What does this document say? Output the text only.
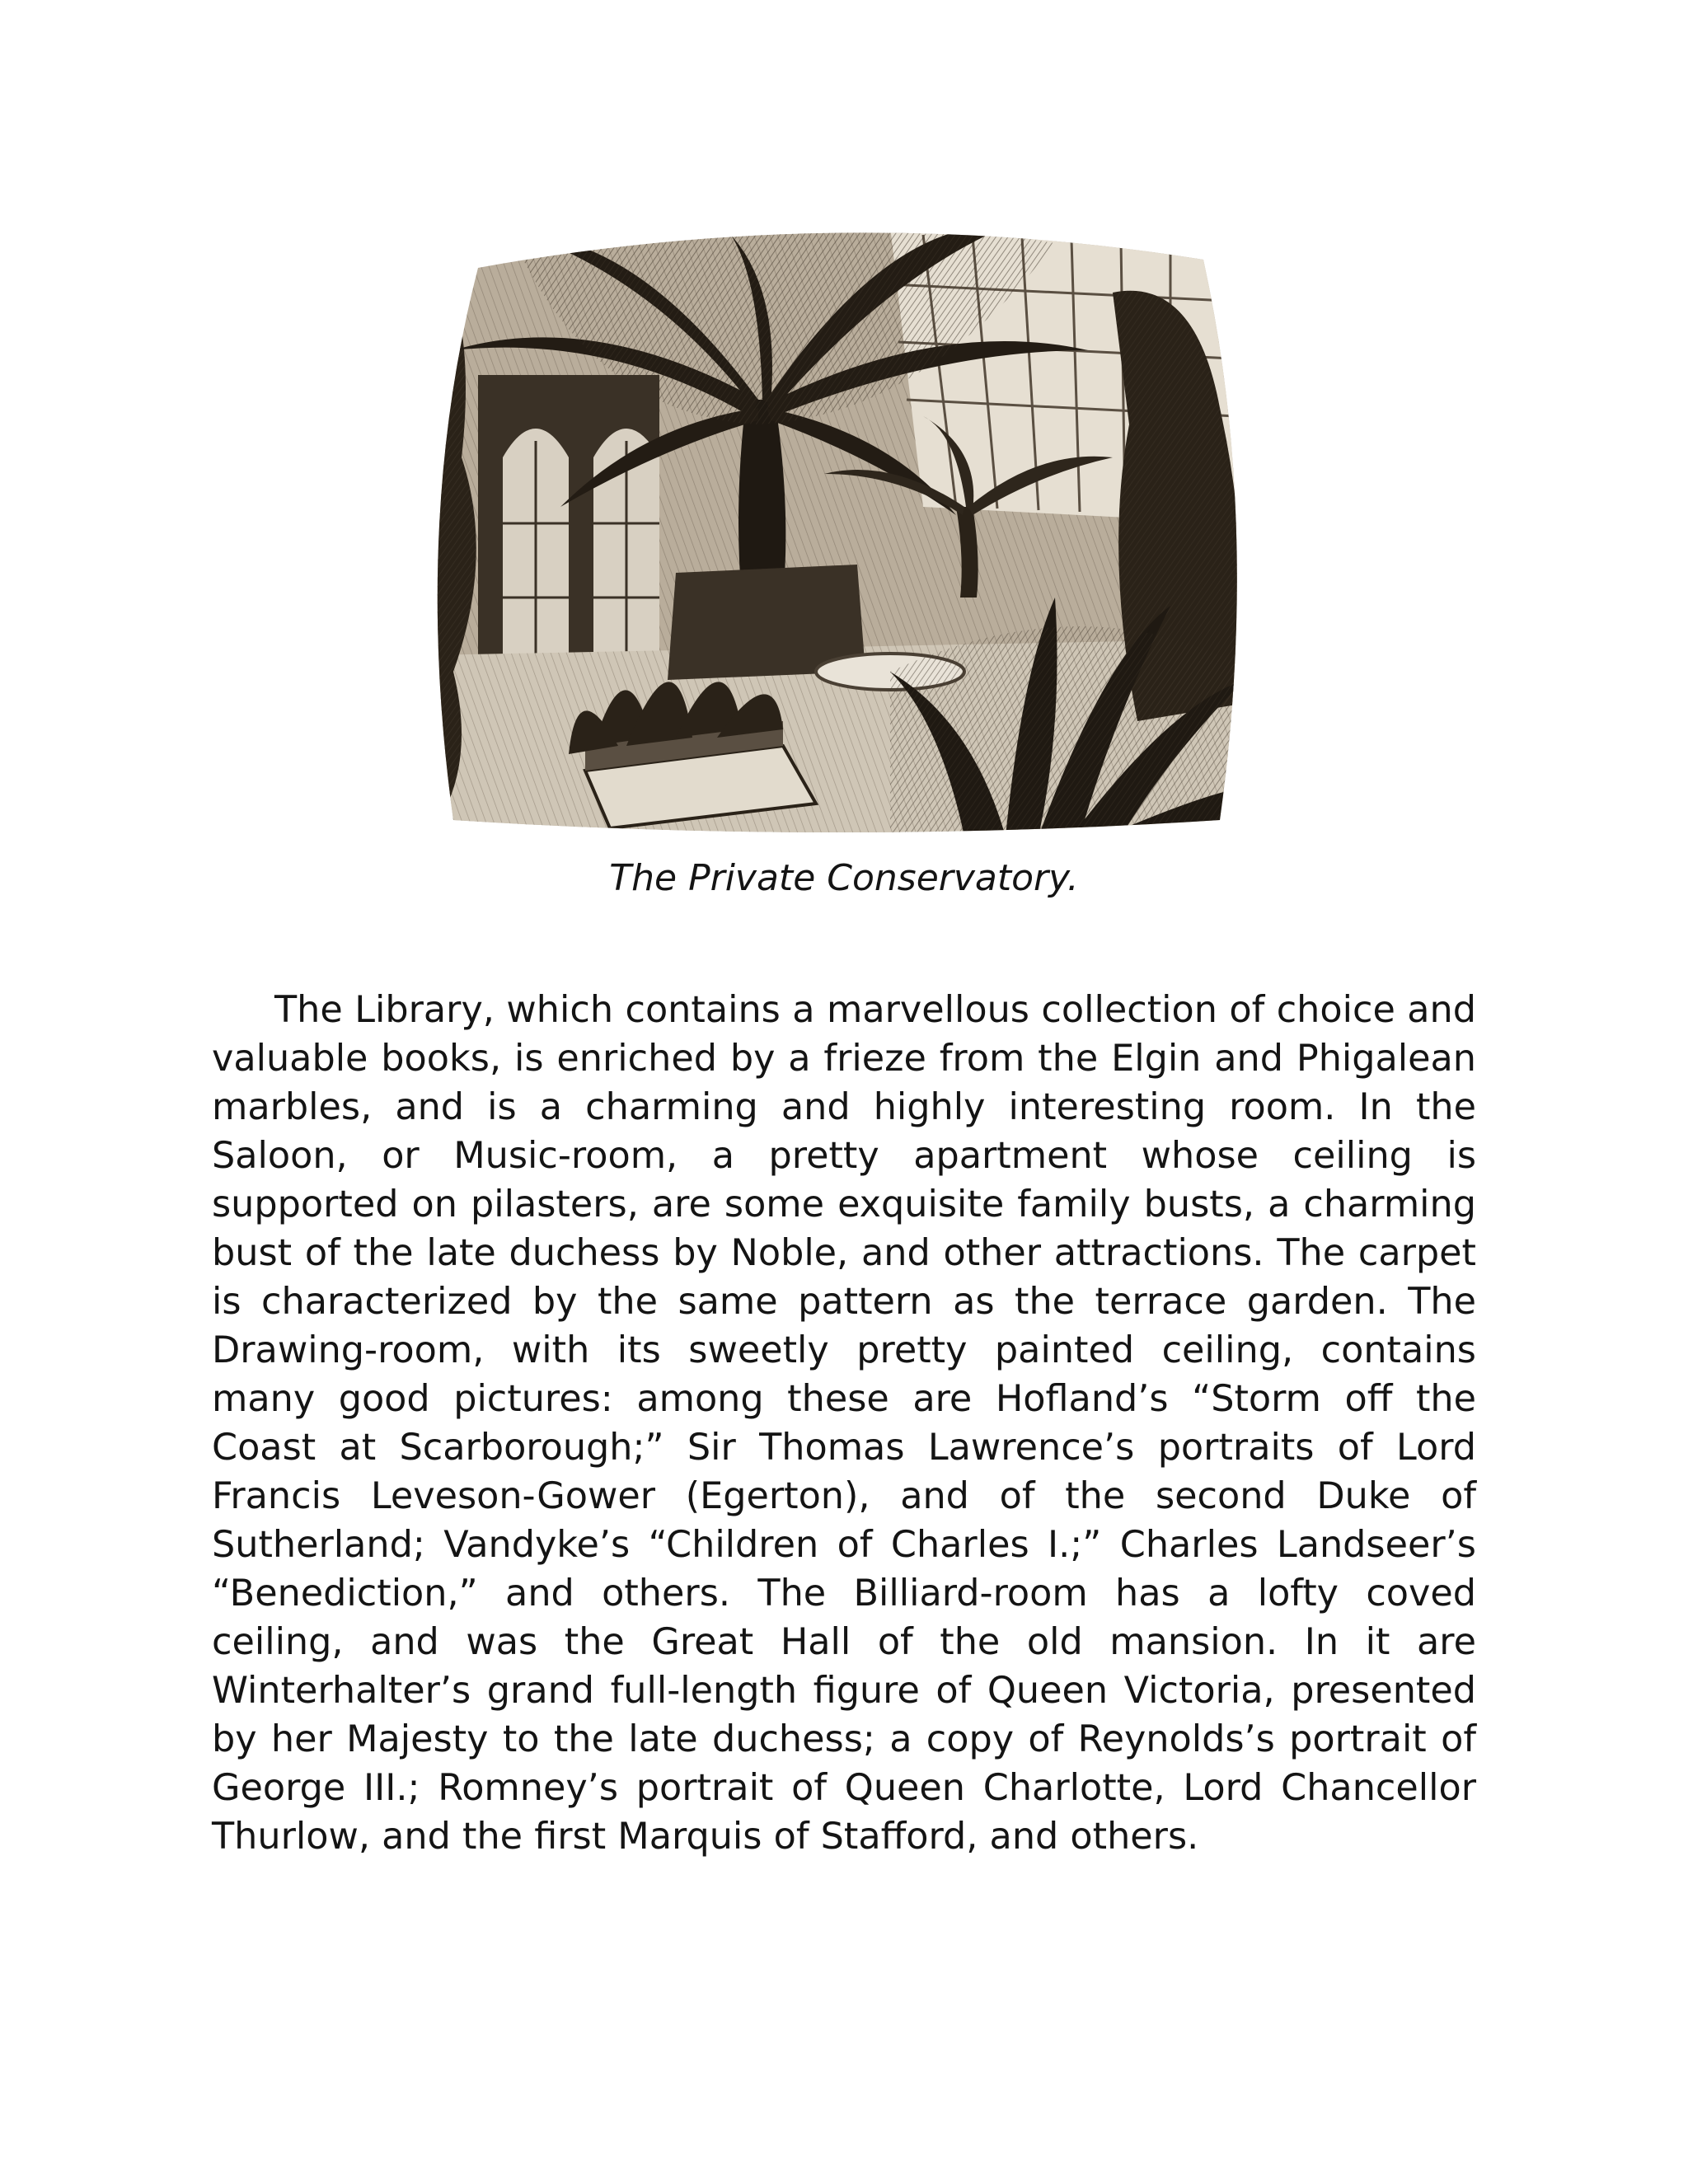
The Private Conservatory.

The Library, which contains a marvellous collection of choice and valuable books, is enriched by a frieze from the Elgin and Phigalean marbles, and is a charming and highly interesting room. In the Saloon, or Music-room, a pretty apartment whose ceiling is supported on pilasters, are some exquisite family busts, a charming bust of the late duchess by Noble, and other attractions. The carpet is characterized by the same pattern as the terrace garden. The Drawing-room, with its sweetly pretty painted ceiling, contains many good pictures: among these are Hofland’s “Storm off the Coast at Scarborough;” Sir Thomas Lawrence’s portraits of Lord Francis Leveson-Gower (Egerton), and of the second Duke of Sutherland; Vandyke’s “Children of Charles I.;” Charles Landseer’s “Benediction,” and others. The Billiard-room has a lofty coved ceiling, and was the Great Hall of the old mansion. In it are Winterhalter’s grand full-length figure of Queen Victoria, presented by her Majesty to the late duchess; a copy of Reynolds’s portrait of George III.; Romney’s portrait of Queen Charlotte, Lord Chancellor Thurlow, and the first Marquis of Stafford, and others.
